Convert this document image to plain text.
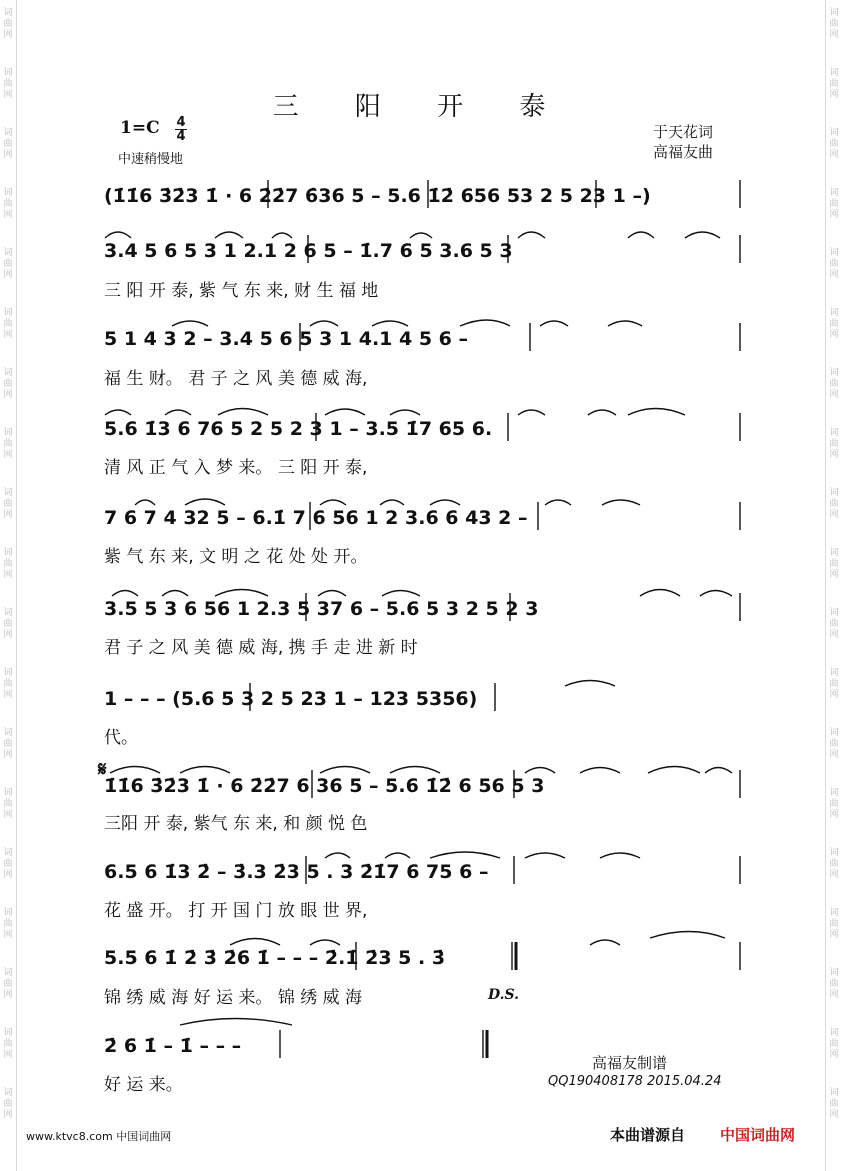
词
曲
网
词
曲
网
词
曲
网
词
曲
网
词
曲
网
词
曲
网
词
曲
网
词
曲
网
词
曲
网
词
曲
网
词
曲
网
词
曲
网
词
曲
网
词
曲
网
词
曲
网
词
曲
网
词
曲
网
词
曲
网
词
曲
网
词
曲
网
词
曲
网
词
曲
网
词
曲
网
词
曲
网
词
曲
网
词
曲
网
词
曲
网
词
曲
网
词
曲
网
词
曲
网
词
曲
网
词
曲
网
词
曲
网
词
曲
网
词
曲
网
词
曲
网
词
曲
网
词
曲
网
三 阳 开 泰
1=C 4
4
中速稍慢地
于天花词
高福友曲
(1̇1̇6 3̇2̇3 1̇ · 6 2̇2̇7 6̇36 5 – 5.6 1̇2̇ 656 53 2 5 23 1 –)
3.4 5 6 5 3 1 2.1 2 6 5 – 1̇.7 6 5 3.6 5 3
三 阳 开 泰, 紫 气 东 来, 财 生 福 地
5 1 4 3 2 – 3.4 5 6 5 3 1 4.1 4 5 6 –
福 生 财。 君 子 之 风 美 德 威 海,
5.6 1̇3 6 76 5 2 5 2 3 1 – 3.5 1̇7 65 6.
清 风 正 气 入 梦 来。 三 阳 开 泰,
7 6 7 4 32 5 – 6.1̇ 7 6 56 1 2 3.6 6 43 2 –
紫 气 东 来, 文 明 之 花 处 处 开。
3.5 5 3 6 56 1 2.3 5 37 6 – 5.6 5 3 2 5 2 3
君 子 之 风 美 德 威 海, 携 手 走 进 新 时
1 – – – (5.6 5 3 2 5 23 1 – 123 5356)
代。
𝄋
1̇1̇6 3̇2̇3 1̇ · 6 2̇2̇7 6 36 5 – 5.6 1̇2̇ 6 56 5 3
三阳 开 泰, 紫气 东 来, 和 颜 悦 色
6.5 6 1̇3 2̇ – 3̇.3 2̇3 5 . 3 2̇1̇7 6 75 6 –
花 盛 开。 打 开 国 门 放 眼 世 界,
5.5 6 1̇ 2̇ 3̇ 2̇6 1̇ – – – 2̇.1̇ 2̇3 5 . 3̇
锦 绣 威 海 好 运 来。 锦 绣 威 海	D.S.
2̇ 6 1̇ – 1̇ – – –
好 运 来。
高福友制谱
QQ190408178 2015.04.24
www.ktvc8.com 中国词曲网	本曲谱源自 中国词曲网
